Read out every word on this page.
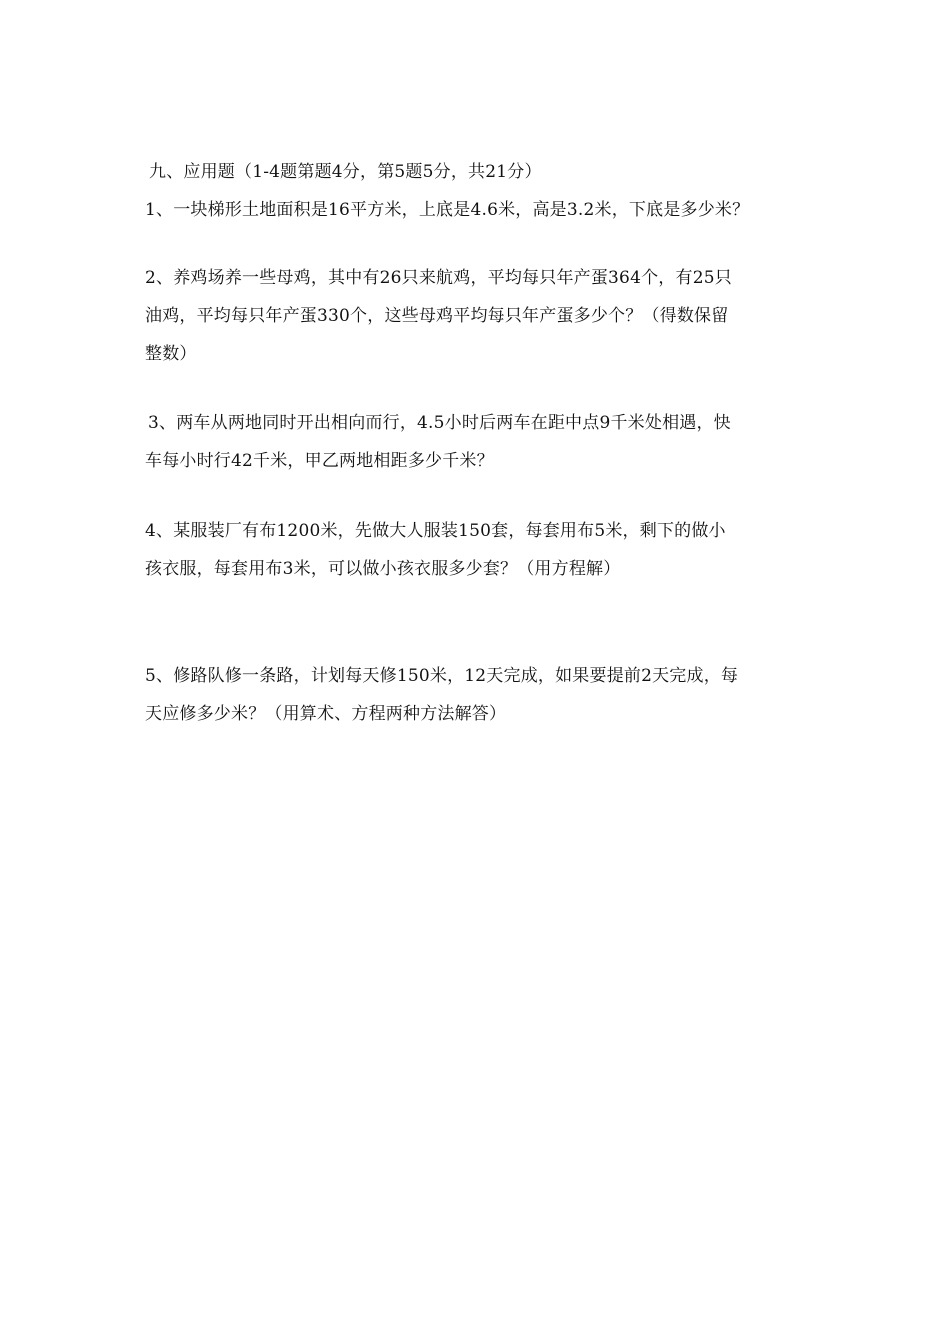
九、应用题（1-4题第题4分，第5题5分，共21分）
1、一块梯形土地面积是16平方米，上底是4.6米，高是3.2米，下底是多少米？
2、养鸡场养一些母鸡，其中有26只来航鸡，平均每只年产蛋364个，有25只
油鸡，平均每只年产蛋330个，这些母鸡平均每只年产蛋多少个？（得数保留
整数）
3、两车从两地同时开出相向而行，4.5小时后两车在距中点9千米处相遇，快
车每小时行42千米，甲乙两地相距多少千米？
4、某服装厂有布1200米，先做大人服装150套，每套用布5米，剩下的做小
孩衣服，每套用布3米，可以做小孩衣服多少套？（用方程解）
5、修路队修一条路，计划每天修150米，12天完成，如果要提前2天完成，每
天应修多少米？（用算术、方程两种方法解答）
